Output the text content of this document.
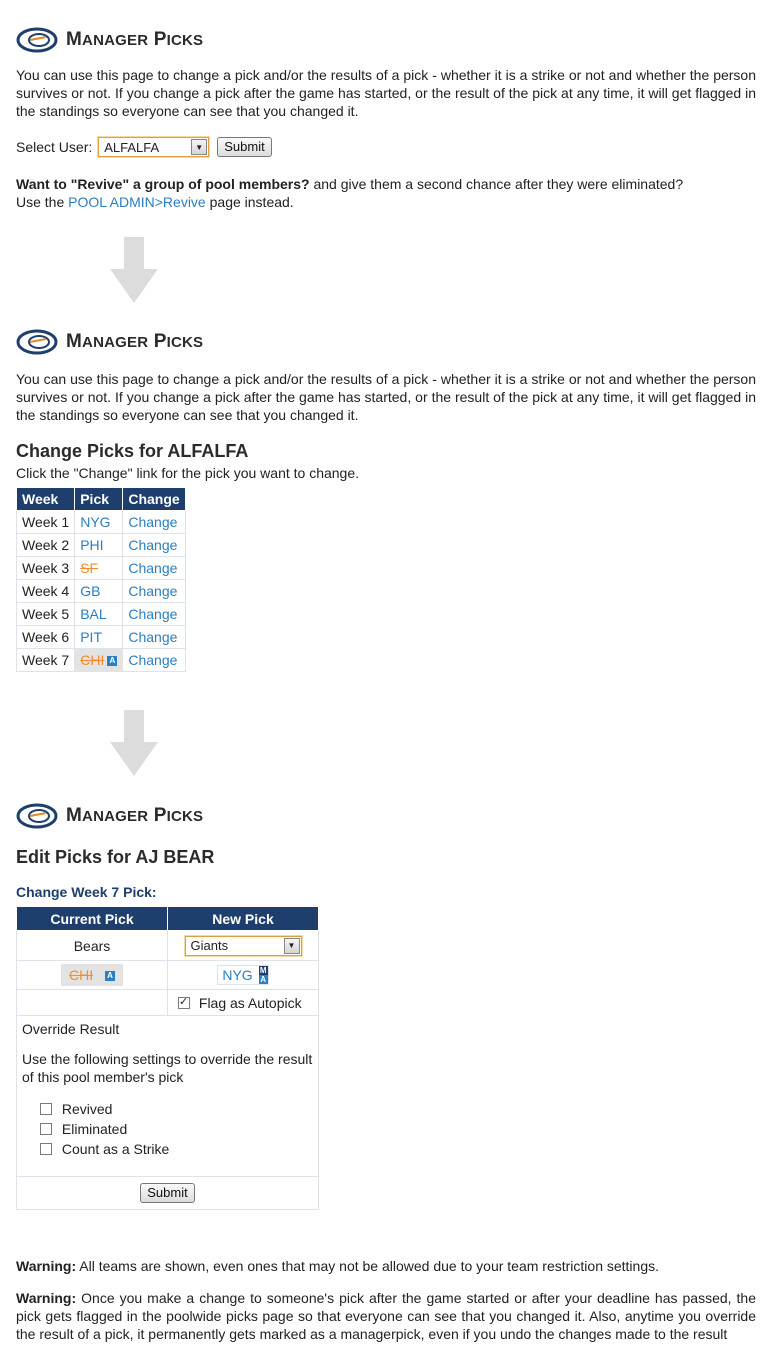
MANAGER PICKS
You can use this page to change a pick and/or the results of a pick - whether it is a strike or not and whether the person survives or not. If you change a pick after the game has started, or the result of the pick at any time, it will get flagged in the standings so everyone can see that you changed it.
Select User: ALFALFA	▼	Submit
Want to "Revive" a group of pool members? and give them a second chance after they were eliminated?
Use the POOL ADMIN>Revive page instead.
MANAGER PICKS
You can use this page to change a pick and/or the results of a pick - whether it is a strike or not and whether the person survives or not. If you change a pick after the game has started, or the result of the pick at any time, it will get flagged in the standings so everyone can see that you changed it.
Change Picks for ALFALFA
Click the "Change" link for the pick you want to change.
Week	Pick	Change
Week 1	NYG	Change
Week 2	PHI	Change
Week 3	SF	Change
Week 4	GB	Change
Week 5	BAL	Change
Week 6	PIT	Change
Week 7	CHI A	Change
MANAGER PICKS
Edit Picks for AJ BEAR
Change Week 7 Pick:
Current Pick	New Pick
Bears	Giants ▼

CHI A	NYG M
A

	✓ Flag as Autopick

Override Result
Use the following settings to override the result of this pool member's pick
Revived
Eliminated
Count as a Strike	

Submit	
Warning: All teams are shown, even ones that may not be allowed due to your team restriction settings.
Warning: Once you make a change to someone's pick after the game started or after your deadline has passed, the pick gets flagged in the poolwide picks page so that everyone can see that you changed it. Also, anytime you override the result of a pick, it permanently gets marked as a managerpick, even if you undo the changes made to the result
